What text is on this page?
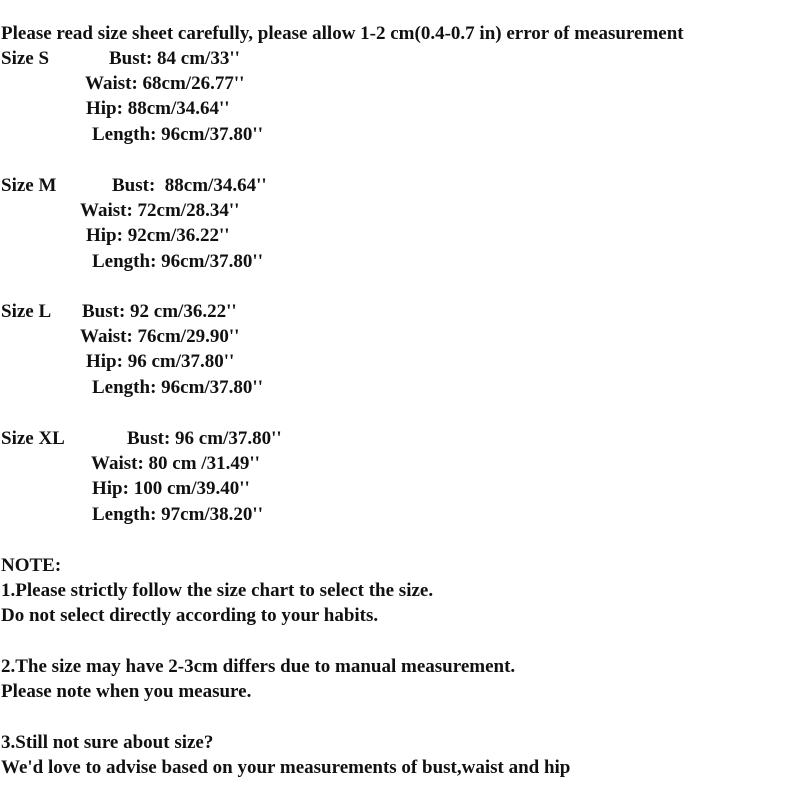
Please read size sheet carefully, please allow 1-2 cm(0.4-0.7 in) error of measurement
Size S	Bust: 84 cm/33''
Waist: 68cm/26.77''
Hip: 88cm/34.64''
Length: 96cm/37.80''
Size M	Bust:  88cm/34.64''
Waist: 72cm/28.34''
Hip: 92cm/36.22''
Length: 96cm/37.80''
Size L Bust: 92 cm/36.22''
Waist: 76cm/29.90''
Hip: 96 cm/37.80''
Length: 96cm/37.80''
Size XL	Bust: 96 cm/37.80''
Waist: 80 cm /31.49''
Hip: 100 cm/39.40''
Length: 97cm/38.20''
NOTE:
1.Please strictly follow the size chart to select the size.
Do not select directly according to your habits.
2.The size may have 2-3cm differs due to manual measurement.
Please note when you measure.
3.Still not sure about size?
We'd love to advise based on your measurements of bust,waist and hip
